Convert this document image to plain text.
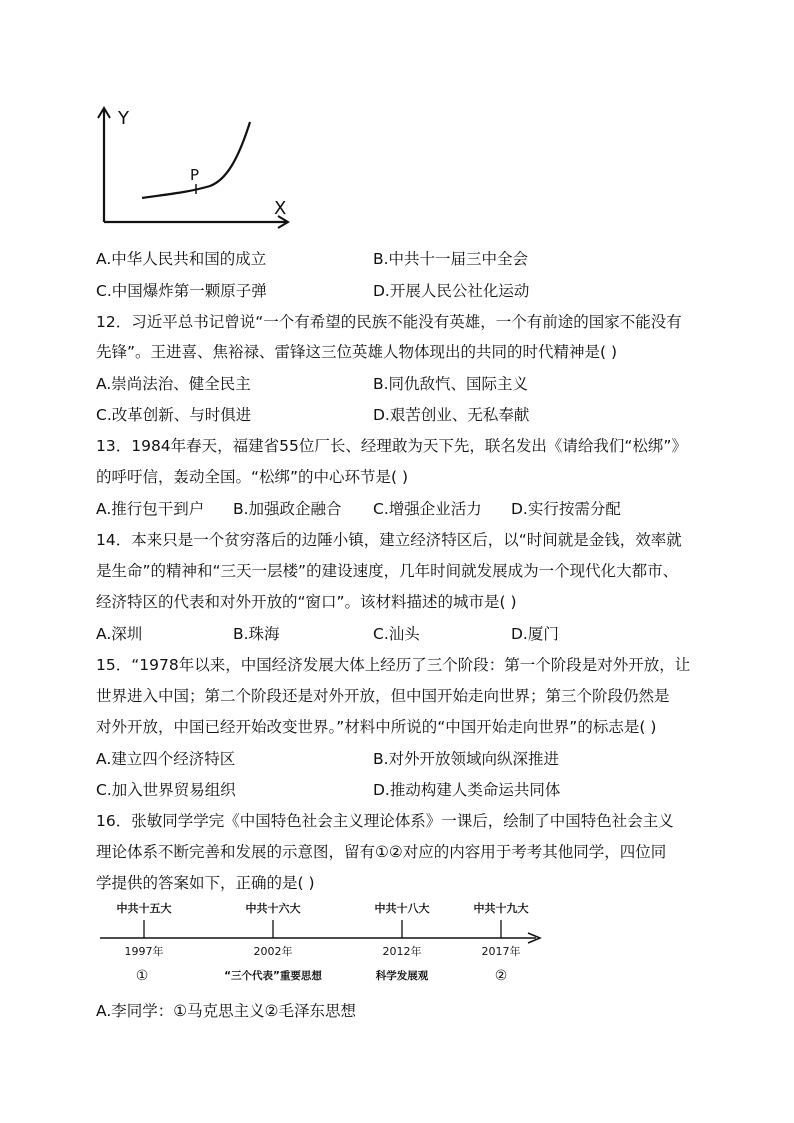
Y
X
P
A.中华人民共和国的成立	B.中共十一届三中全会
C.中国爆炸第一颗原子弹	D.开展人民公社化运动
12．习近平总书记曾说“一个有希望的民族不能没有英雄，一个有前途的国家不能没有
先锋”。王进喜、焦裕禄、雷锋这三位英雄人物体现出的共同的时代精神是( )
A.崇尚法治、健全民主	B.同仇敌忾、国际主义
C.改革创新、与时俱进	D.艰苦创业、无私奉献
13．1984年春天，福建省55位厂长、经理敢为天下先，联名发出《请给我们“松绑”》
的呼吁信，轰动全国。“松绑”的中心环节是( )
A.推行包干到户 B.加强政企融合 C.增强企业活力 D.实行按需分配
14．本来只是一个贫穷落后的边陲小镇，建立经济特区后，以“时间就是金钱，效率就
是生命”的精神和“三天一层楼”的建设速度，几年时间就发展成为一个现代化大都市、
经济特区的代表和对外开放的“窗口”。该材料描述的城市是( )
A.深圳	B.珠海	C.汕头	D.厦门
15．“1978年以来，中国经济发展大体上经历了三个阶段：第一个阶段是对外开放，让
世界进入中国；第二个阶段还是对外开放，但中国开始走向世界；第三个阶段仍然是
对外开放，中国已经开始改变世界。”材料中所说的“中国开始走向世界”的标志是( )
A.建立四个经济特区	B.对外开放领域向纵深推进
C.加入世界贸易组织	D.推动构建人类命运共同体
16．张敏同学学完《中国特色社会主义理论体系》一课后，绘制了中国特色社会主义
理论体系不断完善和发展的示意图，留有①②对应的内容用于考考其他同学，四位同
学提供的答案如下，正确的是( )
中共十五大	中共十六大	中共十八大	中共十九大
1997年	2002年	2012年	2017年
①	“三个代表”重要思想	科学发展观	②
A.李同学：①马克思主义②毛泽东思想
